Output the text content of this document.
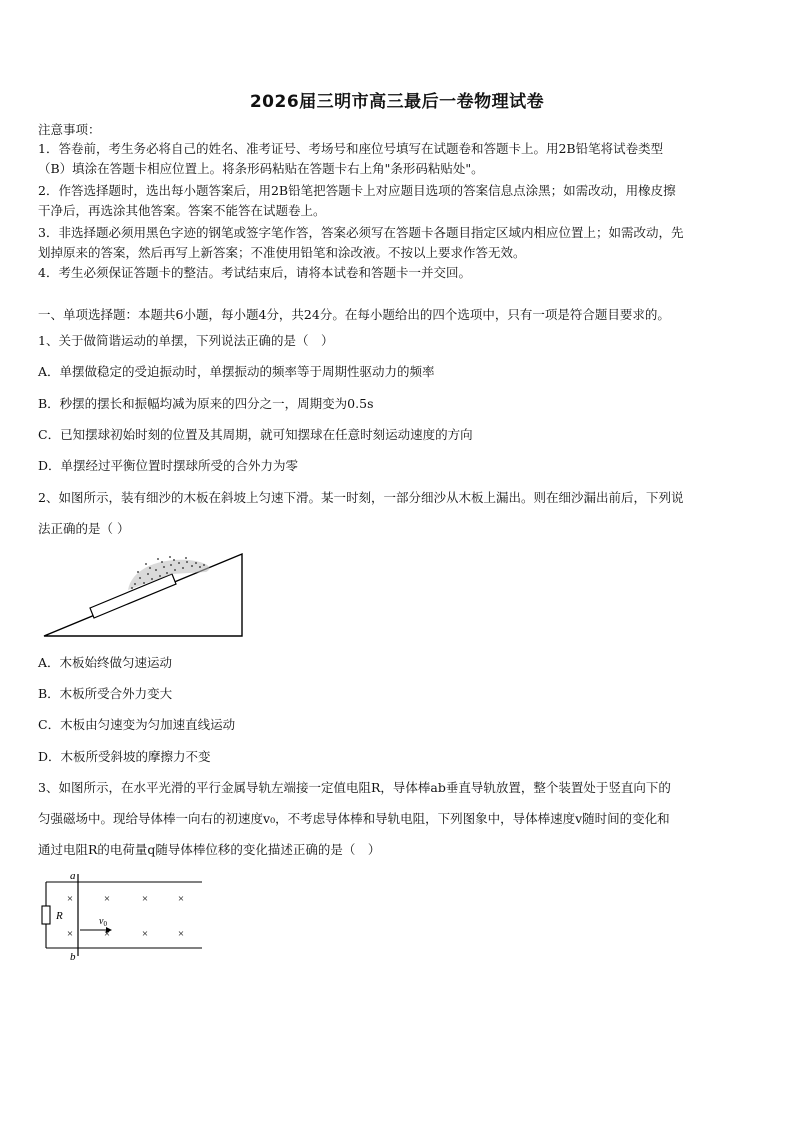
2026届三明市高三最后一卷物理试卷
注意事项：
1．答卷前，考生务必将自己的姓名、准考证号、考场号和座位号填写在试题卷和答题卡上。用2B铅笔将试卷类型
（B）填涂在答题卡相应位置上。将条形码粘贴在答题卡右上角"条形码粘贴处"。
2．作答选择题时，选出每小题答案后，用2B铅笔把答题卡上对应题目选项的答案信息点涂黑；如需改动，用橡皮擦
干净后，再选涂其他答案。答案不能答在试题卷上。
3．非选择题必须用黑色字迹的钢笔或签字笔作答，答案必须写在答题卡各题目指定区域内相应位置上；如需改动，先
划掉原来的答案，然后再写上新答案；不准使用铅笔和涂改液。不按以上要求作答无效。
4．考生必须保证答题卡的整洁。考试结束后，请将本试卷和答题卡一并交回。
一、单项选择题：本题共6小题，每小题4分，共24分。在每小题给出的四个选项中，只有一项是符合题目要求的。
1、关于做简谐运动的单摆，下列说法正确的是（　）
A．单摆做稳定的受迫振动时，单摆振动的频率等于周期性驱动力的频率
B．秒摆的摆长和振幅均减为原来的四分之一，周期变为0.5s
C．已知摆球初始时刻的位置及其周期，就可知摆球在任意时刻运动速度的方向
D．单摆经过平衡位置时摆球所受的合外力为零
2、如图所示，装有细沙的木板在斜坡上匀速下滑。某一时刻，一部分细沙从木板上漏出。则在细沙漏出前后，下列说
法正确的是（ ）
A．木板始终做匀速运动
B．木板所受合外力变大
C．木板由匀速变为匀加速直线运动
D．木板所受斜坡的摩擦力不变
3、如图所示，在水平光滑的平行金属导轨左端接一定值电阻R，导体棒ab垂直导轨放置，整个装置处于竖直向下的
匀强磁场中。现给导体棒一向右的初速度v₀，不考虑导体棒和导轨电阻，下列图象中，导体棒速度v随时间的变化和
通过电阻R的电荷量q随导体棒位移的变化描述正确的是（　）
R
a
b
$v_0$
×	×	×	×
×	×	×	×
